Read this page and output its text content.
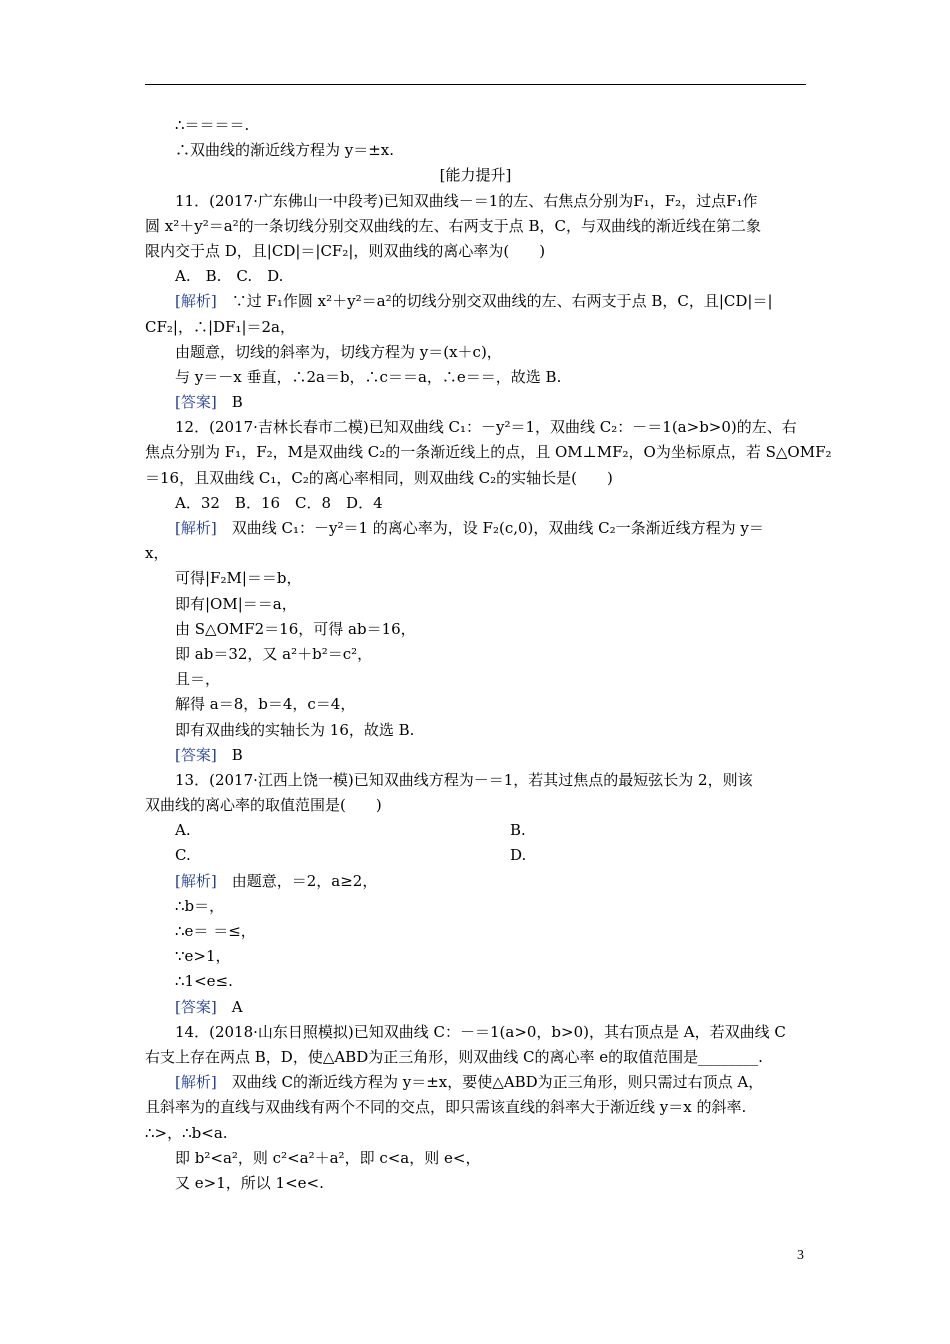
∴＝＝＝＝.
∴双曲线的渐近线方程为 y＝±x.
[能力提升]
11．(2017·广东佛山一中段考)已知双曲线－＝1的左、右焦点分别为F₁，F₂，过点F₁作
圆 x²＋y²＝a²的一条切线分别交双曲线的左、右两支于点 B，C，与双曲线的渐近线在第二象
限内交于点 D，且|CD|＝|CF₂|，则双曲线的离心率为(　　)
A.　B.　C.　D.
[解析]　∵过 F₁作圆 x²＋y²＝a²的切线分别交双曲线的左、右两支于点 B，C，且|CD|＝|
CF₂|，∴|DF₁|＝2a，
由题意，切线的斜率为，切线方程为 y＝(x＋c)，
与 y＝－x 垂直，∴2a＝b，∴c＝＝a，∴e＝＝，故选 B.
[答案]　B
12．(2017·吉林长春市二模)已知双曲线 C₁：－y²＝1，双曲线 C₂：－＝1(a>b>0)的左、右
焦点分别为 F₁，F₂，M是双曲线 C₂的一条渐近线上的点，且 OM⊥MF₂，O为坐标原点，若 S△OMF₂
＝16，且双曲线 C₁，C₂的离心率相同，则双曲线 C₂的实轴长是(　　)
A．32　B．16　C．8　D．4
[解析]　双曲线 C₁：－y²＝1 的离心率为，设 F₂(c,0)，双曲线 C₂一条渐近线方程为 y＝
x，
可得|F₂M|＝＝b，
即有|OM|＝＝a，
由 S△OMF2＝16，可得 ab＝16，
即 ab＝32，又 a²＋b²＝c²，
且＝，
解得 a＝8，b＝4，c＝4，
即有双曲线的实轴长为 16，故选 B.
[答案]　B
13．(2017·江西上饶一模)已知双曲线方程为－＝1，若其过焦点的最短弦长为 2，则该
双曲线的离心率的取值范围是(　　)
A.	B.
C.	D.
[解析]　由题意，＝2，a≥2，
∴b＝，
∴e＝ ＝≤，
∵e>1，
∴1<e≤.
[答案]　A
14．(2018·山东日照模拟)已知双曲线 C：－＝1(a>0，b>0)，其右顶点是 A，若双曲线 C
右支上存在两点 B，D，使△ABD为正三角形，则双曲线 C的离心率 e的取值范围是________.
[解析]　双曲线 C的渐近线方程为 y＝±x，要使△ABD为正三角形，则只需过右顶点 A，
且斜率为的直线与双曲线有两个不同的交点，即只需该直线的斜率大于渐近线 y＝x 的斜率.
∴>，∴b<a.
即 b²<a²，则 c²<a²＋a²，即 c<a，则 e<，
又 e>1，所以 1<e<.
3
